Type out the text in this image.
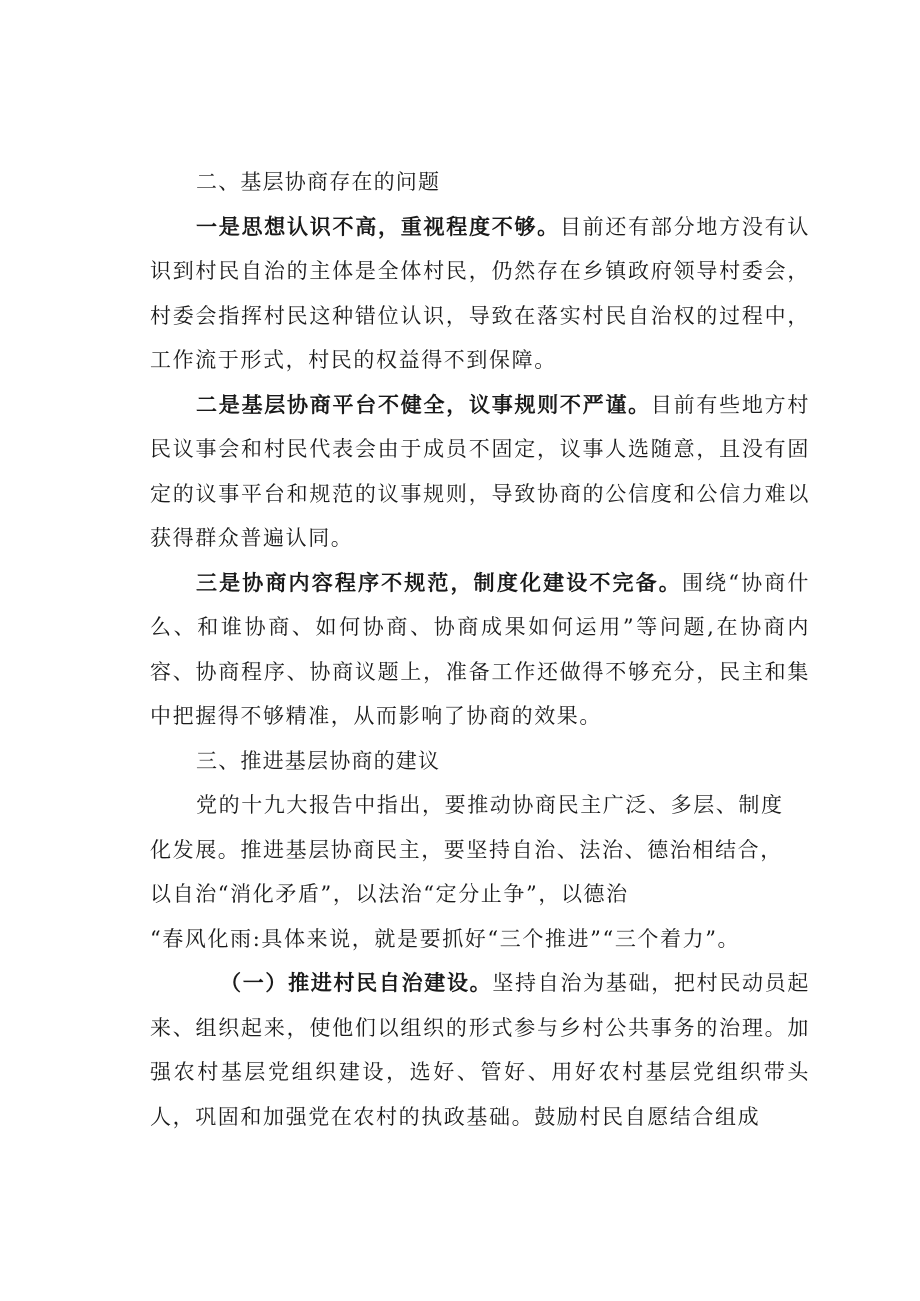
二、基层协商存在的问题

一是思想认识不高，重视程度不够。目前还有部分地方没有认识到村民自治的主体是全体村民，仍然存在乡镇政府领导村委会，村委会指挥村民这种错位认识，导致在落实村民自治权的过程中，工作流于形式，村民的权益得不到保障。

二是基层协商平台不健全，议事规则不严谨。目前有些地方村民议事会和村民代表会由于成员不固定，议事人选随意，且没有固定的议事平台和规范的议事规则，导致协商的公信度和公信力难以获得群众普遍认同。

三是协商内容程序不规范，制度化建设不完备。围绕“协商什么、和谁协商、如何协商、协商成果如何运用”等问题,在协商内容、协商程序、协商议题上，准备工作还做得不够充分，民主和集中把握得不够精准，从而影响了协商的效果。

三、推进基层协商的建议

党的十九大报告中指出，要推动协商民主广泛、多层、制度
化发展。推进基层协商民主，要坚持自治、法治、德治相结合，
以自治“消化矛盾”，以法治“定分止争”，以德治
“春风化雨:具体来说，就是要抓好“三个推进”“三个着力”。

（一）推进村民自治建设。坚持自治为基础，把村民动员起来、组织起来，使他们以组织的形式参与乡村公共事务的治理。加强农村基层党组织建设，选好、管好、用好农村基层党组织带头人，巩固和加强党在农村的执政基础。鼓励村民自愿结合组成
